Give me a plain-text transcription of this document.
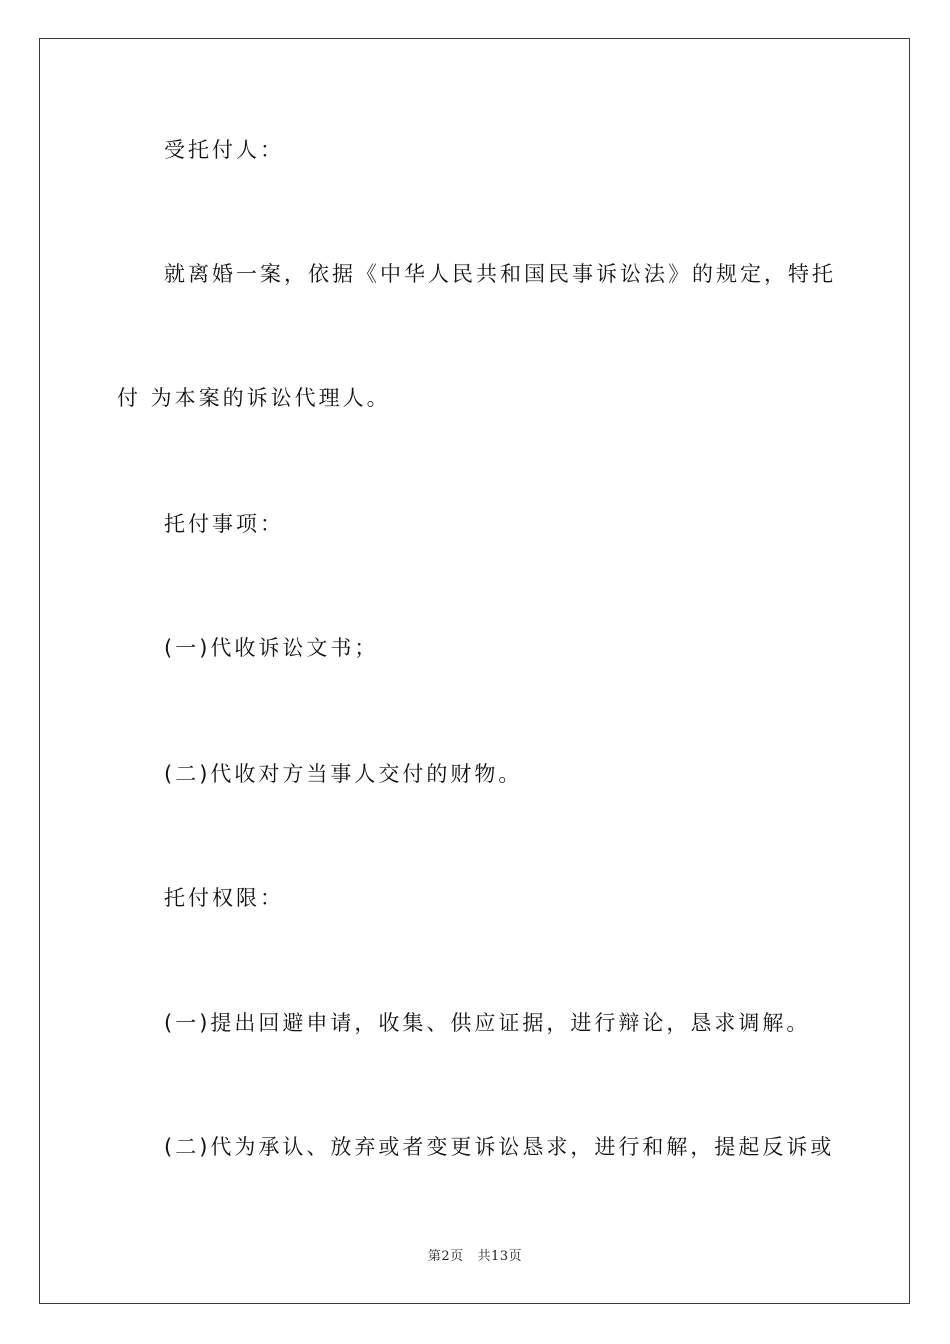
受托付人：

就离婚一案，依据《中华人民共和国民事诉讼法》的规定，特托

付 为本案的诉讼代理人。

托付事项：

(一)代收诉讼文书；

(二)代收对方当事人交付的财物。

托付权限：

(一)提出回避申请，收集、供应证据，进行辩论，恳求调解。

(二)代为承认、放弃或者变更诉讼恳求，进行和解，提起反诉或

第2页   共13页
